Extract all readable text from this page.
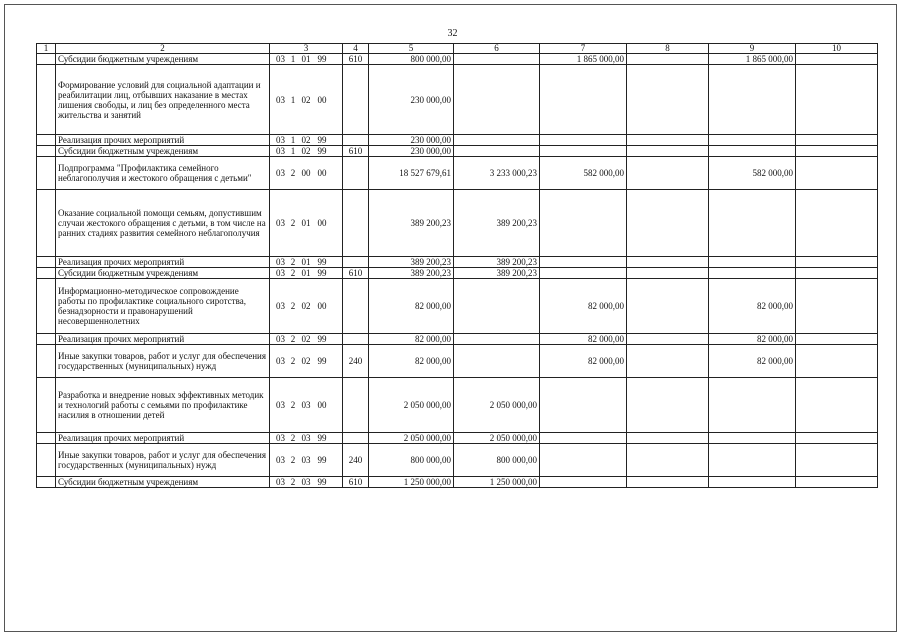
32
1	2	3	4	5	6	7	8	9	10
	Субсидии бюджетным учреждениям	03 1 01 99	610	800 000,00		1 865 000,00		1 865 000,00	
	Формирование условий для социальной адаптации и реабилитации лиц, отбывших наказание в местах лишения свободы, и лиц без определенного места жительства и занятий	03 1 02 00		230 000,00					
	Реализация прочих мероприятий	03 1 02 99		230 000,00					
	Субсидии бюджетным учреждениям	03 1 02 99	610	230 000,00					
	Подпрограмма "Профилактика семейного неблагополучия и жестокого обращения с детьми"	03 2 00 00		18 527 679,61	3 233 000,23	582 000,00		582 000,00	
	Оказание социальной помощи семьям, допустившим случаи жестокого обращения с детьми, в том числе на ранних стадиях развития семейного неблагополучия	03 2 01 00		389 200,23	389 200,23				
	Реализация прочих мероприятий	03 2 01 99		389 200,23	389 200,23				
	Субсидии бюджетным учреждениям	03 2 01 99	610	389 200,23	389 200,23				
	Информационно-методическое сопровождение работы по профилактике социального сиротства, безнадзорности и правонарушений несовершеннолетних	03 2 02 00		82 000,00		82 000,00		82 000,00	
	Реализация прочих мероприятий	03 2 02 99		82 000,00		82 000,00		82 000,00	
	Иные закупки товаров, работ и услуг для обеспечения государственных (муниципальных) нужд	03 2 02 99	240	82 000,00		82 000,00		82 000,00	
	Разработка и внедрение новых эффективных методик и технологий работы с семьями по профилактике насилия в отношении детей	03 2 03 00		2 050 000,00	2 050 000,00				
	Реализация прочих мероприятий	03 2 03 99		2 050 000,00	2 050 000,00				
	Иные закупки товаров, работ и услуг для обеспечения государственных (муниципальных) нужд	03 2 03 99	240	800 000,00	800 000,00				
	Субсидии бюджетным учреждениям	03 2 03 99	610	1 250 000,00	1 250 000,00				
